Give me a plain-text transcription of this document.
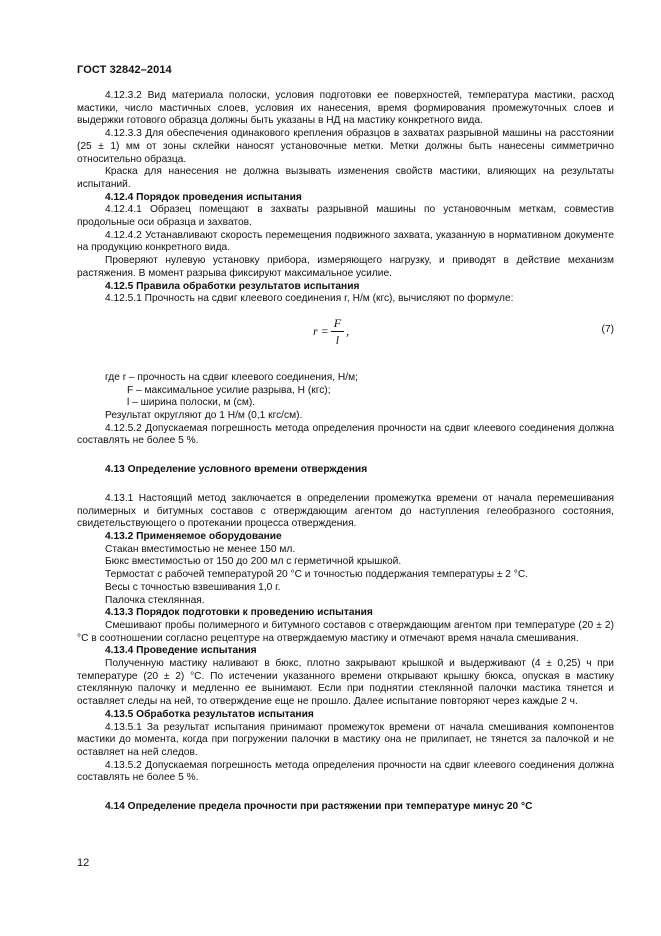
ГОСТ 32842–2014

4.12.3.2 Вид материала полоски, условия подготовки ее поверхностей, температура мастики, расход мастики, число мастичных слоев, условия их нанесения, время формирования промежуточных слоев и выдержки готового образца должны быть указаны в НД на мастику конкретного вида.

4.12.3.3 Для обеспечения одинакового крепления образцов в захватах разрывной машины на расстоянии (25 ± 1) мм от зоны склейки наносят установочные метки. Метки должны быть нанесены симметрично относительно образца.

Краска для нанесения не должна вызывать изменения свойств мастики, влияющих на результаты испытаний.

4.12.4 Порядок проведения испытания

4.12.4.1 Образец помещают в захваты разрывной машины по установочным меткам, совместив продольные оси образца и захватов.

4.12.4.2 Устанавливают скорость перемещения подвижного захвата, указанную в нормативном документе на продукцию конкретного вида.

Проверяют нулевую установку прибора, измеряющего нагрузку, и приводят в действие механизм растяжения. В момент разрыва фиксируют максимальное усилие.

4.12.5 Правила обработки результатов испытания

4.12.5.1 Прочность на сдвиг клеевого соединения r, Н/м (кгс), вычисляют по формуле:

$r = \frac{F}{l}$ ,	(7)

где r – прочность на сдвиг клеевого соединения, Н/м;

F – максимальное усилие разрыва, Н (кгс);

l – ширина полоски, м (см).

Результат округляют до 1 Н/м (0,1 кгс/см).

4.12.5.2 Допускаемая погрешность метода определения прочности на сдвиг клеевого соединения должна составлять не более 5 %.

4.13 Определение условного времени отверждения

4.13.1 Настоящий метод заключается в определении промежутка времени от начала перемешивания полимерных и битумных составов с отверждающим агентом до наступления гелеобразного состояния, свидетельствующего о протекании процесса отверждения.

4.13.2 Применяемое оборудование

Стакан вместимостью не менее 150 мл.

Бюкс вместимостью от 150 до 200 мл с герметичной крышкой.

Термостат с рабочей температурой 20 °С и точностью поддержания температуры ± 2 °С.

Весы с точностью взвешивания 1,0 г.

Палочка стеклянная.

4.13.3 Порядок подготовки к проведению испытания

Смешивают пробы полимерного и битумного составов с отверждающим агентом при температуре (20 ± 2) °С в соотношении согласно рецептуре на отверждаемую мастику и отмечают время начала смешивания.

4.13.4 Проведение испытания

Полученную мастику наливают в бюкс, плотно закрывают крышкой и выдерживают (4 ± 0,25) ч при температуре (20 ± 2) °С. По истечении указанного времени открывают крышку бюкса, опуская в мастику стеклянную палочку и медленно ее вынимают. Если при поднятии стеклянной палочки мастика тянется и оставляет следы на ней, то отверждение еще не прошло. Далее испытание повторяют через каждые 2 ч.

4.13.5 Обработка результатов испытания

4.13.5.1 За результат испытания принимают промежуток времени от начала смешивания компонентов мастики до момента, когда при погружении палочки в мастику она не прилипает, не тянется за палочкой и не оставляет на ней следов.

4.13.5.2 Допускаемая погрешность метода определения прочности на сдвиг клеевого соединения должна составлять не более 5 %.

4.14 Определение предела прочности при растяжении при температуре минус 20 °С

12
